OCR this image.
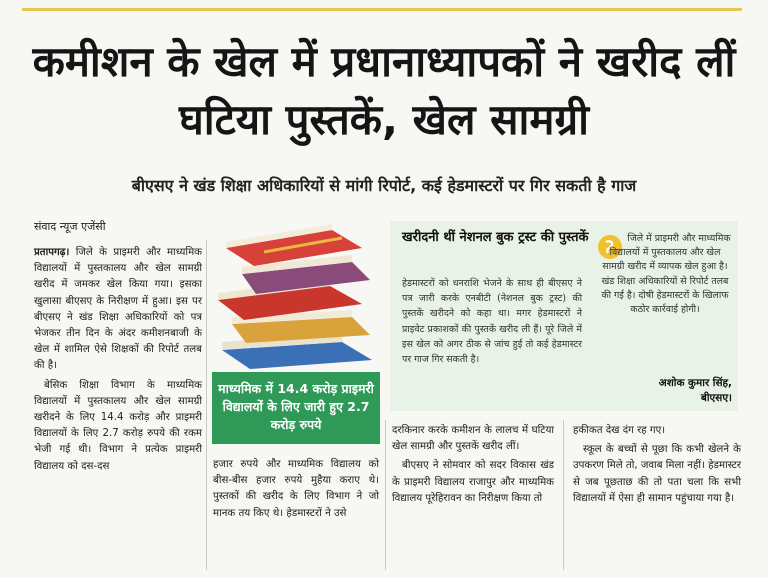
कमीशन के खेल में प्रधानाध्यापकों ने खरीद लीं घटिया पुस्तकें, खेल सामग्री
बीएसए ने खंड शिक्षा अधिकारियों से मांगी रिपोर्ट, कई हेडमास्टरों पर गिर सकती है गाज
संवाद न्यूज एजेंसी

प्रतापगढ़। जिले के प्राइमरी और माध्यमिक विद्यालयों में पुस्तकालय और खेल सामग्री खरीद में जमकर खेल किया गया। इसका खुलासा बीएसए के निरीक्षण में हुआ। इस पर बीएसए ने खंड शिक्षा अधिकारियों को पत्र भेजकर तीन दिन के अंदर कमीशनबाजी के खेल में शामिल ऐसे शिक्षकों की रिपोर्ट तलब की है।

बेसिक शिक्षा विभाग के माध्यमिक विद्यालयों में पुस्तकालय और खेल सामग्री खरीदने के लिए 14.4 करोड़ और प्राइमरी विद्यालयों के लिए 2.7 करोड़ रुपये की रकम भेजी गई थी। विभाग ने प्रत्येक प्राइमरी विद्यालय को दस-दस

माध्यमिक में 14.4 करोड़ प्राइमरी विद्यालयों के लिए जारी हुए 2.7 करोड़ रुपये

हजार रुपये और माध्यमिक विद्यालय को बीस-बीस हजार रुपये मुहैया कराए थे। पुस्तकों की खरीद के लिए विभाग ने जो मानक तय किए थे। हेडमास्टरों ने उसे

खरीदनी थीं नेशनल बुक ट्रस्ट की पुस्तकें
हेडमास्टरों को धनराशि भेजने के साथ ही बीएसए ने पत्र जारी करके एनबीटी (नेशनल बुक ट्रस्ट) की पुस्तकें खरीदने को कहा था। मगर हेडमास्टरों ने प्राइवेट प्रकाशकों की पुस्तकें खरीद ली हैं। पूरे जिले में इस खेल को अगर ठीक से जांच हुई तो कई हेडमास्टर पर गाज गिर सकती है।
जिले में प्राइमरी और माध्यमिक विद्यालयों में पुस्तकालय और खेल सामग्री खरीद में व्यापक खेल हुआ है। खंड शिक्षा अधिकारियों से रिपोर्ट तलब की गई है। दोषी हेडमास्टरों के खिलाफ कठोर कार्रवाई होगी।
अशोक कुमार सिंह,
बीएसए।

दरकिनार करके कमीशन के लालच में घटिया खेल सामग्री और पुस्तकें खरीद लीं।

बीएसए ने सोमवार को सदर विकास खंड के प्राइमरी विद्यालय राजापुर और माध्यमिक विद्यालय पूरेहिरावन का निरीक्षण किया तो

हकीकत देख दंग रह गए।

स्कूल के बच्चों से पूछा कि कभी खेलने के उपकरण मिले तो, जवाब मिला नहीं। हेडमास्टर से जब पूछताछ की तो पता चला कि सभी विद्यालयों में ऐसा ही सामान पहुंचाया गया है।
